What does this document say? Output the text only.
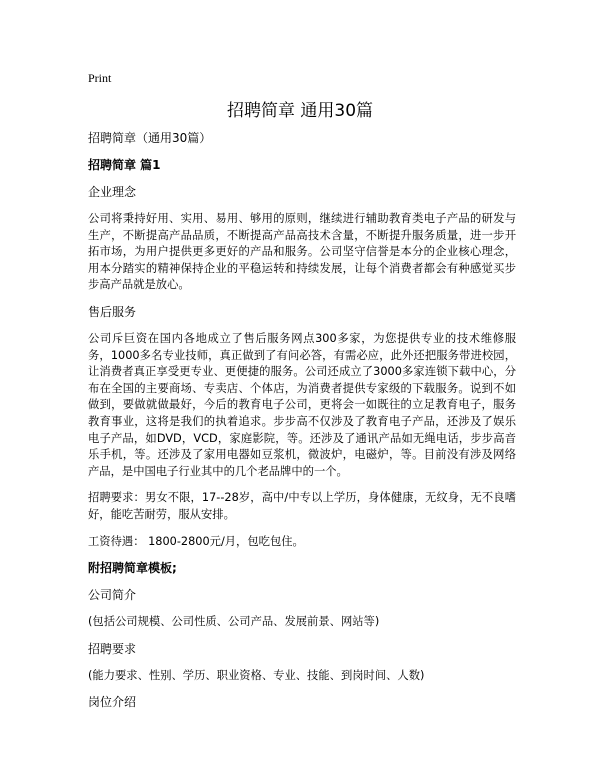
Print
招聘简章 通用30篇
招聘简章（通用30篇）
招聘简章 篇1
企业理念
公司将秉持好用、实用、易用、够用的原则，继续进行辅助教育类电子产品的研发与生产，不断提高产品品质，不断提高产品高技术含量，不断提升服务质量，进一步开拓市场，为用户提供更多更好的产品和服务。公司坚守信誉是本分的企业核心理念，用本分踏实的精神保持企业的平稳运转和持续发展，让每个消费者都会有种感觉买步步高产品就是放心。
售后服务
公司斥巨资在国内各地成立了售后服务网点300多家，为您提供专业的技术维修服务，1000多名专业技师，真正做到了有问必答，有需必应，此外还把服务带进校园，让消费者真正享受更专业、更便捷的服务。公司还成立了3000多家连锁下载中心，分布在全国的主要商场、专卖店、个体店，为消费者提供专家级的下载服务。说到不如做到，要做就做最好，今后的教育电子公司，更将会一如既往的立足教育电子，服务教育事业，这将是我们的执着追求。步步高不仅涉及了教育电子产品，还涉及了娱乐电子产品，如DVD，VCD，家庭影院，等。还涉及了通讯产品如无绳电话，步步高音乐手机，等。还涉及了家用电器如豆浆机，微波炉，电磁炉，等。目前没有涉及网络产品，是中国电子行业其中的几个老品牌中的一个。
招聘要求：男女不限，17--28岁，高中/中专以上学历，身体健康，无纹身，无不良嗜好，能吃苦耐劳，服从安排。
工资待遇： 1800-2800元/月，包吃包住。
附招聘简章模板;
公司简介
(包括公司规模、公司性质、公司产品、发展前景、网站等)
招聘要求
(能力要求、性别、学历、职业资格、专业、技能、到岗时间、人数)
岗位介绍
